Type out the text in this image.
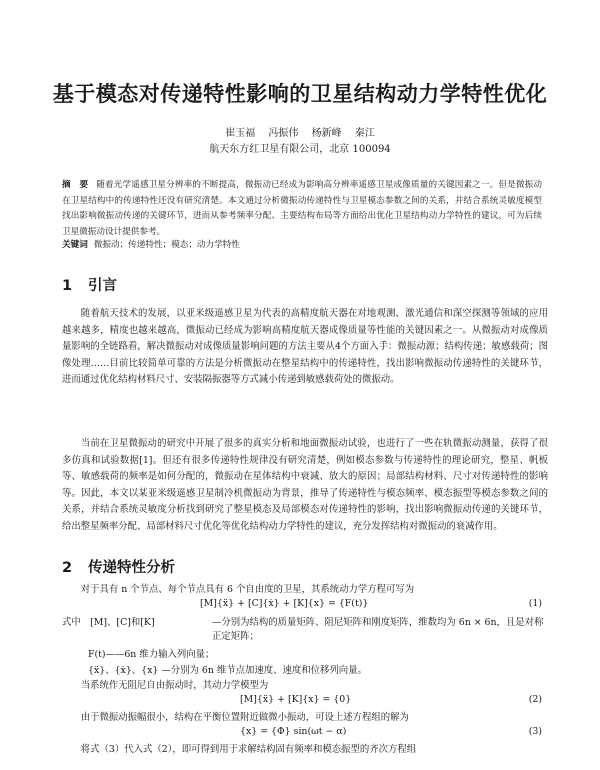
基于模态对传递特性影响的卫星结构动力学特性优化
崔玉福 冯振伟 杨新峰 秦江
航天东方红卫星有限公司，北京 100094
摘　要 随着光学遥感卫星分辨率的不断提高，微振动已经成为影响高分辨率遥感卫星成像质量的关键因素之一。但是微振动在卫星结构中的传递特性还没有研究清楚。本文通过分析微振动传递特性与卫星模态参数之间的关系，并结合系统灵敏度模型找出影响微振动传递的关键环节，进而从参考频率分配、主要结构布局等方面给出优化卫星结构动力学特性的建议，可为后续卫星微振动设计提供参考。
关键词 微振动；传递特性；模态；动力学特性
1 引言
随着航天技术的发展，以亚米级遥感卫星为代表的高精度航天器在对地观测、激光通信和深空探测等领域的应用越来越多，精度也越来越高，微振动已经成为影响高精度航天器成像质量等性能的关键因素之一。从微振动对成像质量影响的全链路看，解决微振动对成像质量影响问题的方法主要从4个方面入手：微振动源；结构传递；敏感载荷；图像处理……目前比较简单可靠的方法是分析微振动在整星结构中的传递特性，找出影响微振动传递特性的关键环节，进而通过优化结构材料尺寸、安装隔振器等方式减小传递到敏感载荷处的微振动。
当前在卫星微振动的研究中开展了很多的真实分析和地面微振动试验，也进行了一些在轨微振动测量，获得了很多仿真和试验数据[1]。但还有很多传递特性规律没有研究清楚，例如模态参数与传递特性的理论研究，整星、帆板等、敏感载荷的频率是如何分配的，微振动在星体结构中衰减、放大的原因；局部结构材料、尺寸对传递特性的影响等。因此，本文以某亚米级遥感卫星制冷机微振动为背景，推导了传递特性与模态频率、模态振型等模态参数之间的关系，并结合系统灵敏度分析找到研究了整星模态及局部模态对传递特性的影响，找出影响微振动传递的关键环节，给出整星频率分配、局部材料尺寸优化等优化结构动力学特性的建议，充分发挥结构对微振动的衰减作用。
2 传递特性分析
对于具有 n 个节点、每个节点具有 6 个自由度的卫星，其系统动力学方程可写为
[M]{ẍ} + [C]{ẋ} + [K]{x} = {F(t)}	(1)
式中　[M]、[C]和[K]	—分别为结构的质量矩阵、阻尼矩阵和刚度矩阵，维数均为 6n × 6n，且是对称正定矩阵；
F(t)——6n 维力输入列向量；
{ẍ}、{ẋ}、{x} —分别为 6n 维节点加速度、速度和位移列向量。
当系统作无阻尼自由振动时，其动力学模型为
[M]{ẍ} + [K]{x} = {0}	(2)
由于微振动振幅很小，结构在平衡位置附近做微小振动，可设上述方程组的解为
{x} = {Φ} sin(ωt − α)	(3)
将式（3）代入式（2），即可得到用于求解结构固有频率和模态振型的齐次方程组
